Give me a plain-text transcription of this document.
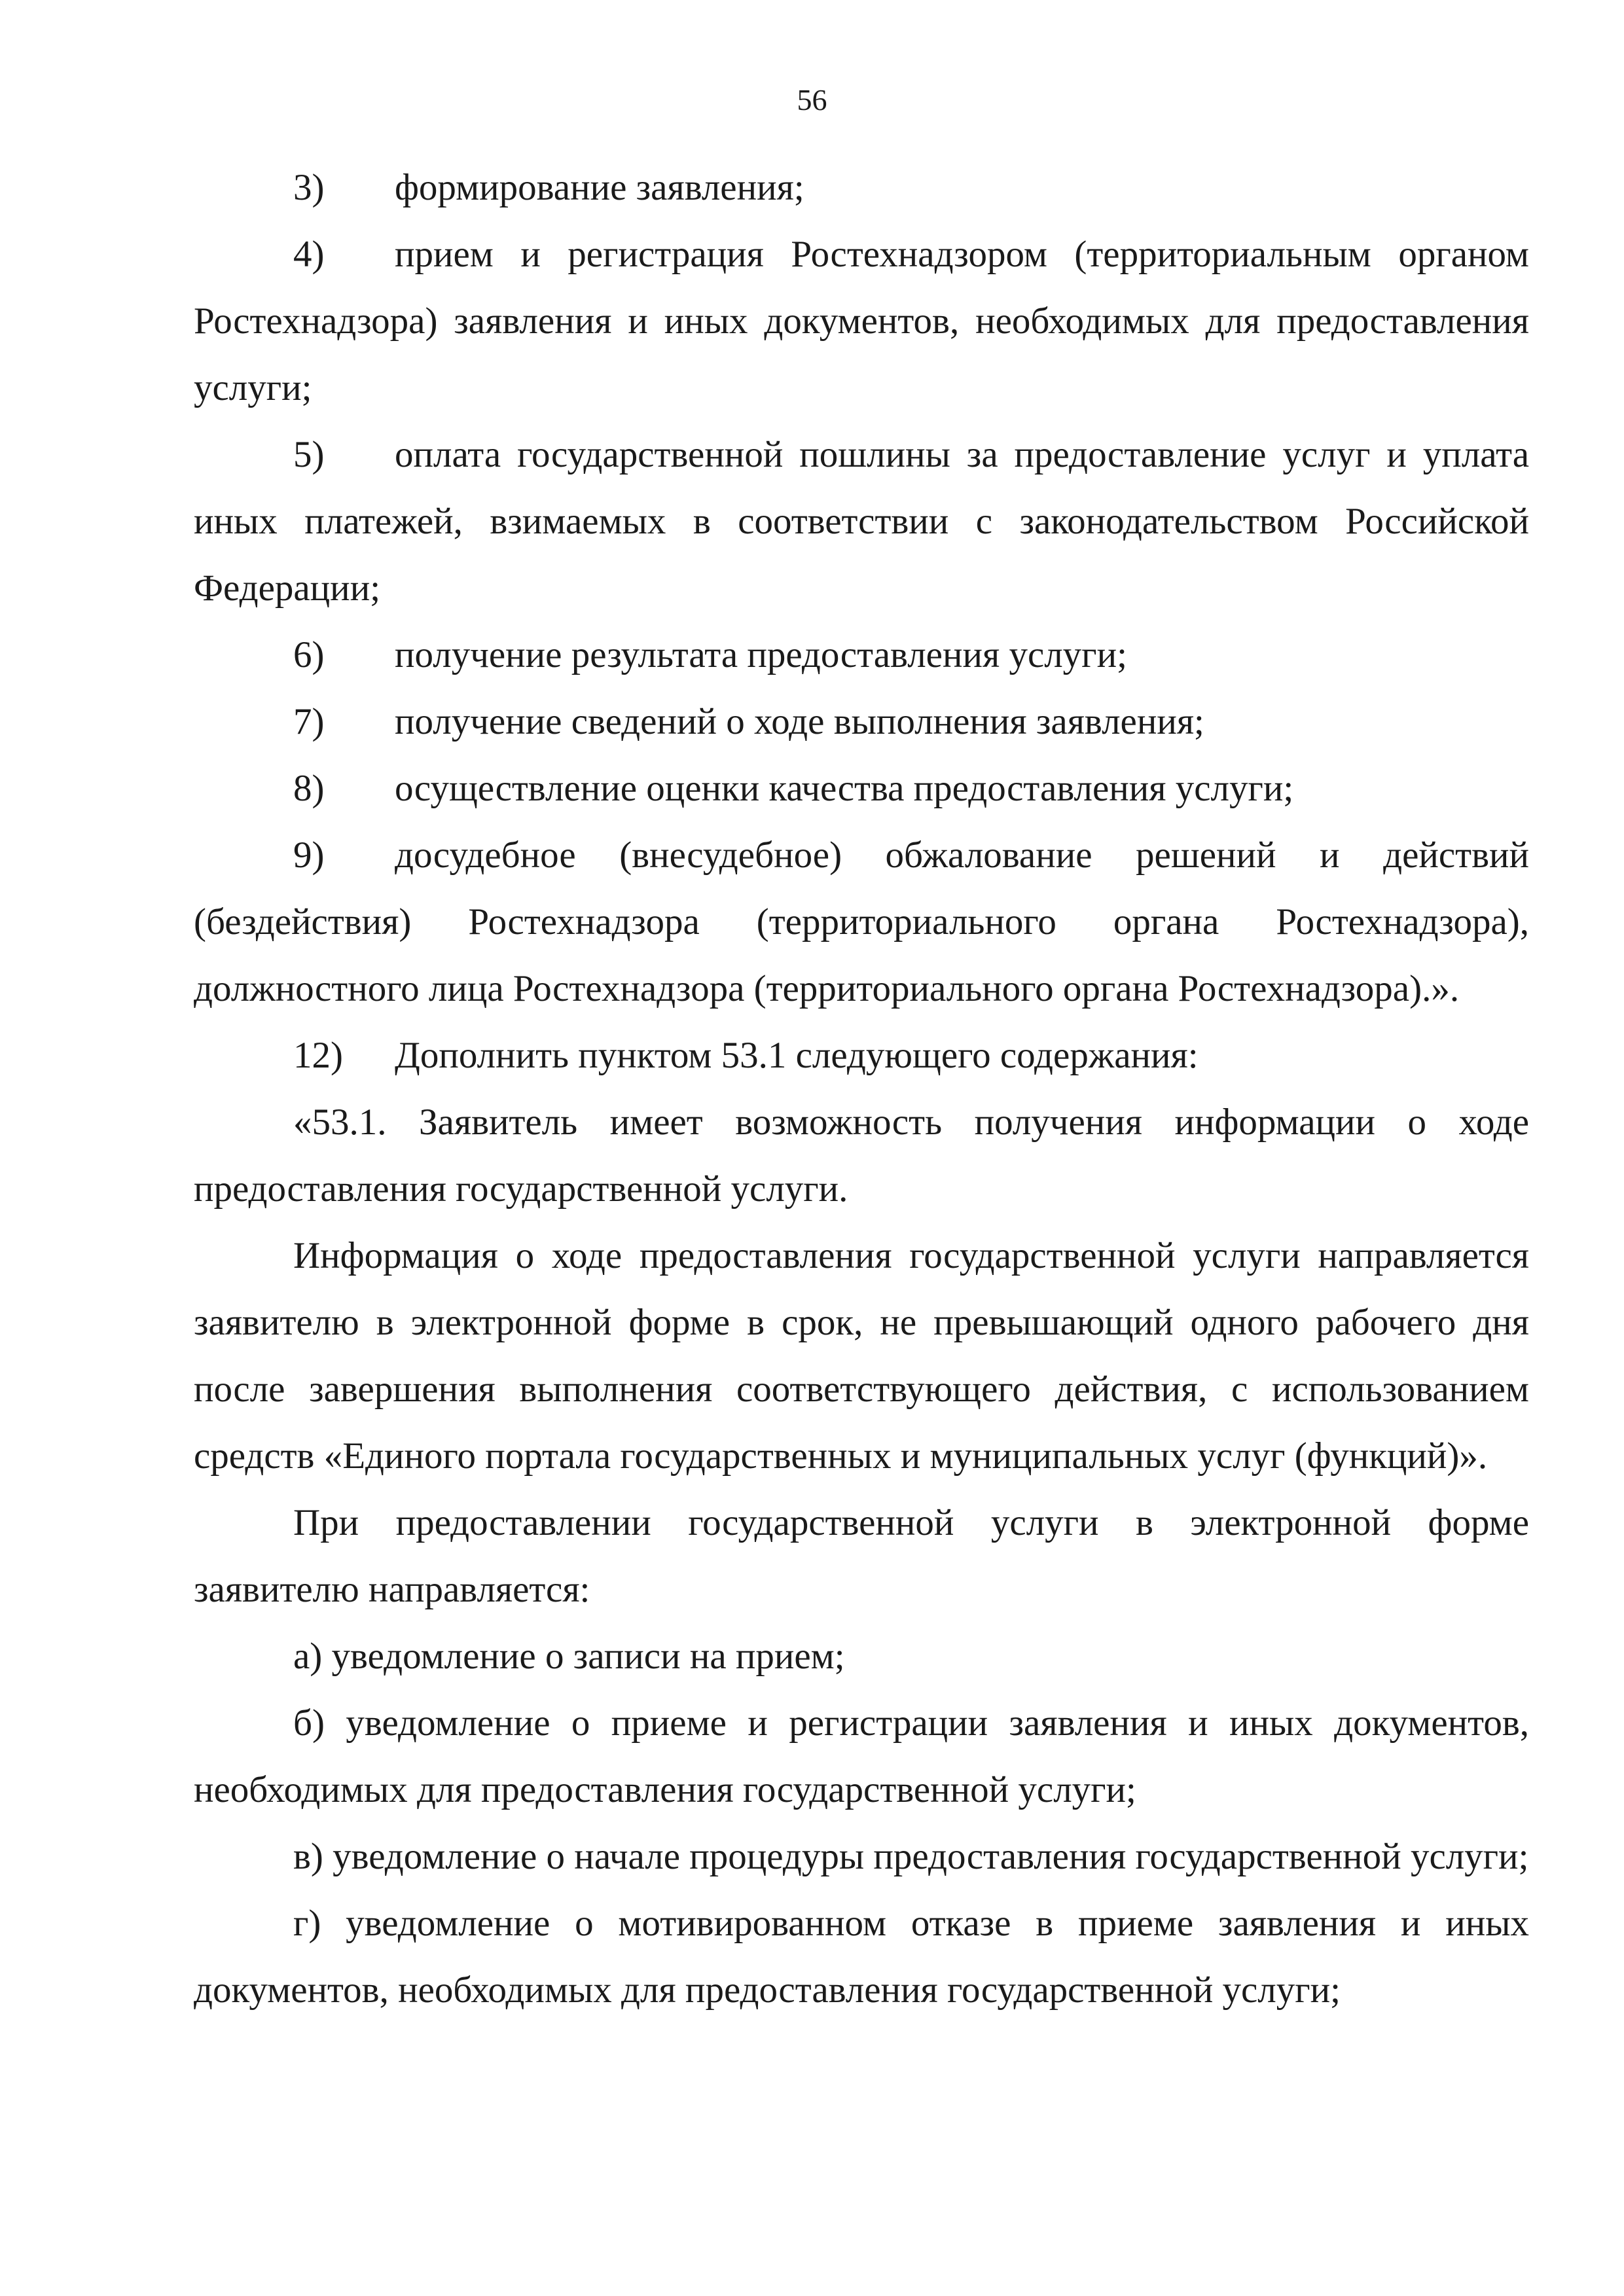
56

3) формирование заявления;

4) прием и регистрация Ростехнадзором (территориальным органом Ростехнадзора) заявления и иных документов, необходимых для предоставления услуги;

5) оплата государственной пошлины за предоставление услуг и уплата иных платежей, взимаемых в соответствии с законодательством Российской Федерации;

6) получение результата предоставления услуги;

7) получение сведений о ходе выполнения заявления;

8) осуществление оценки качества предоставления услуги;

9) досудебное (внесудебное) обжалование решений и действий (бездействия) Ростехнадзора (территориального органа Ростехнадзора), должностного лица Ростехнадзора (территориального органа Ростехнадзора).».

12) Дополнить пунктом 53.1 следующего содержания:

«53.1. Заявитель имеет возможность получения информации о ходе предоставления государственной услуги.

Информация о ходе предоставления государственной услуги направляется заявителю в электронной форме в срок, не превышающий одного рабочего дня после завершения выполнения соответствующего действия, с использованием средств «Единого портала государственных и муниципальных услуг (функций)».

При предоставлении государственной услуги в электронной форме заявителю направляется:

а) уведомление о записи на прием;

б) уведомление о приеме и регистрации заявления и иных документов, необходимых для предоставления государственной услуги;

в) уведомление о начале процедуры предоставления государственной услуги;

г) уведомление о мотивированном отказе в приеме заявления и иных документов, необходимых для предоставления государственной услуги;
